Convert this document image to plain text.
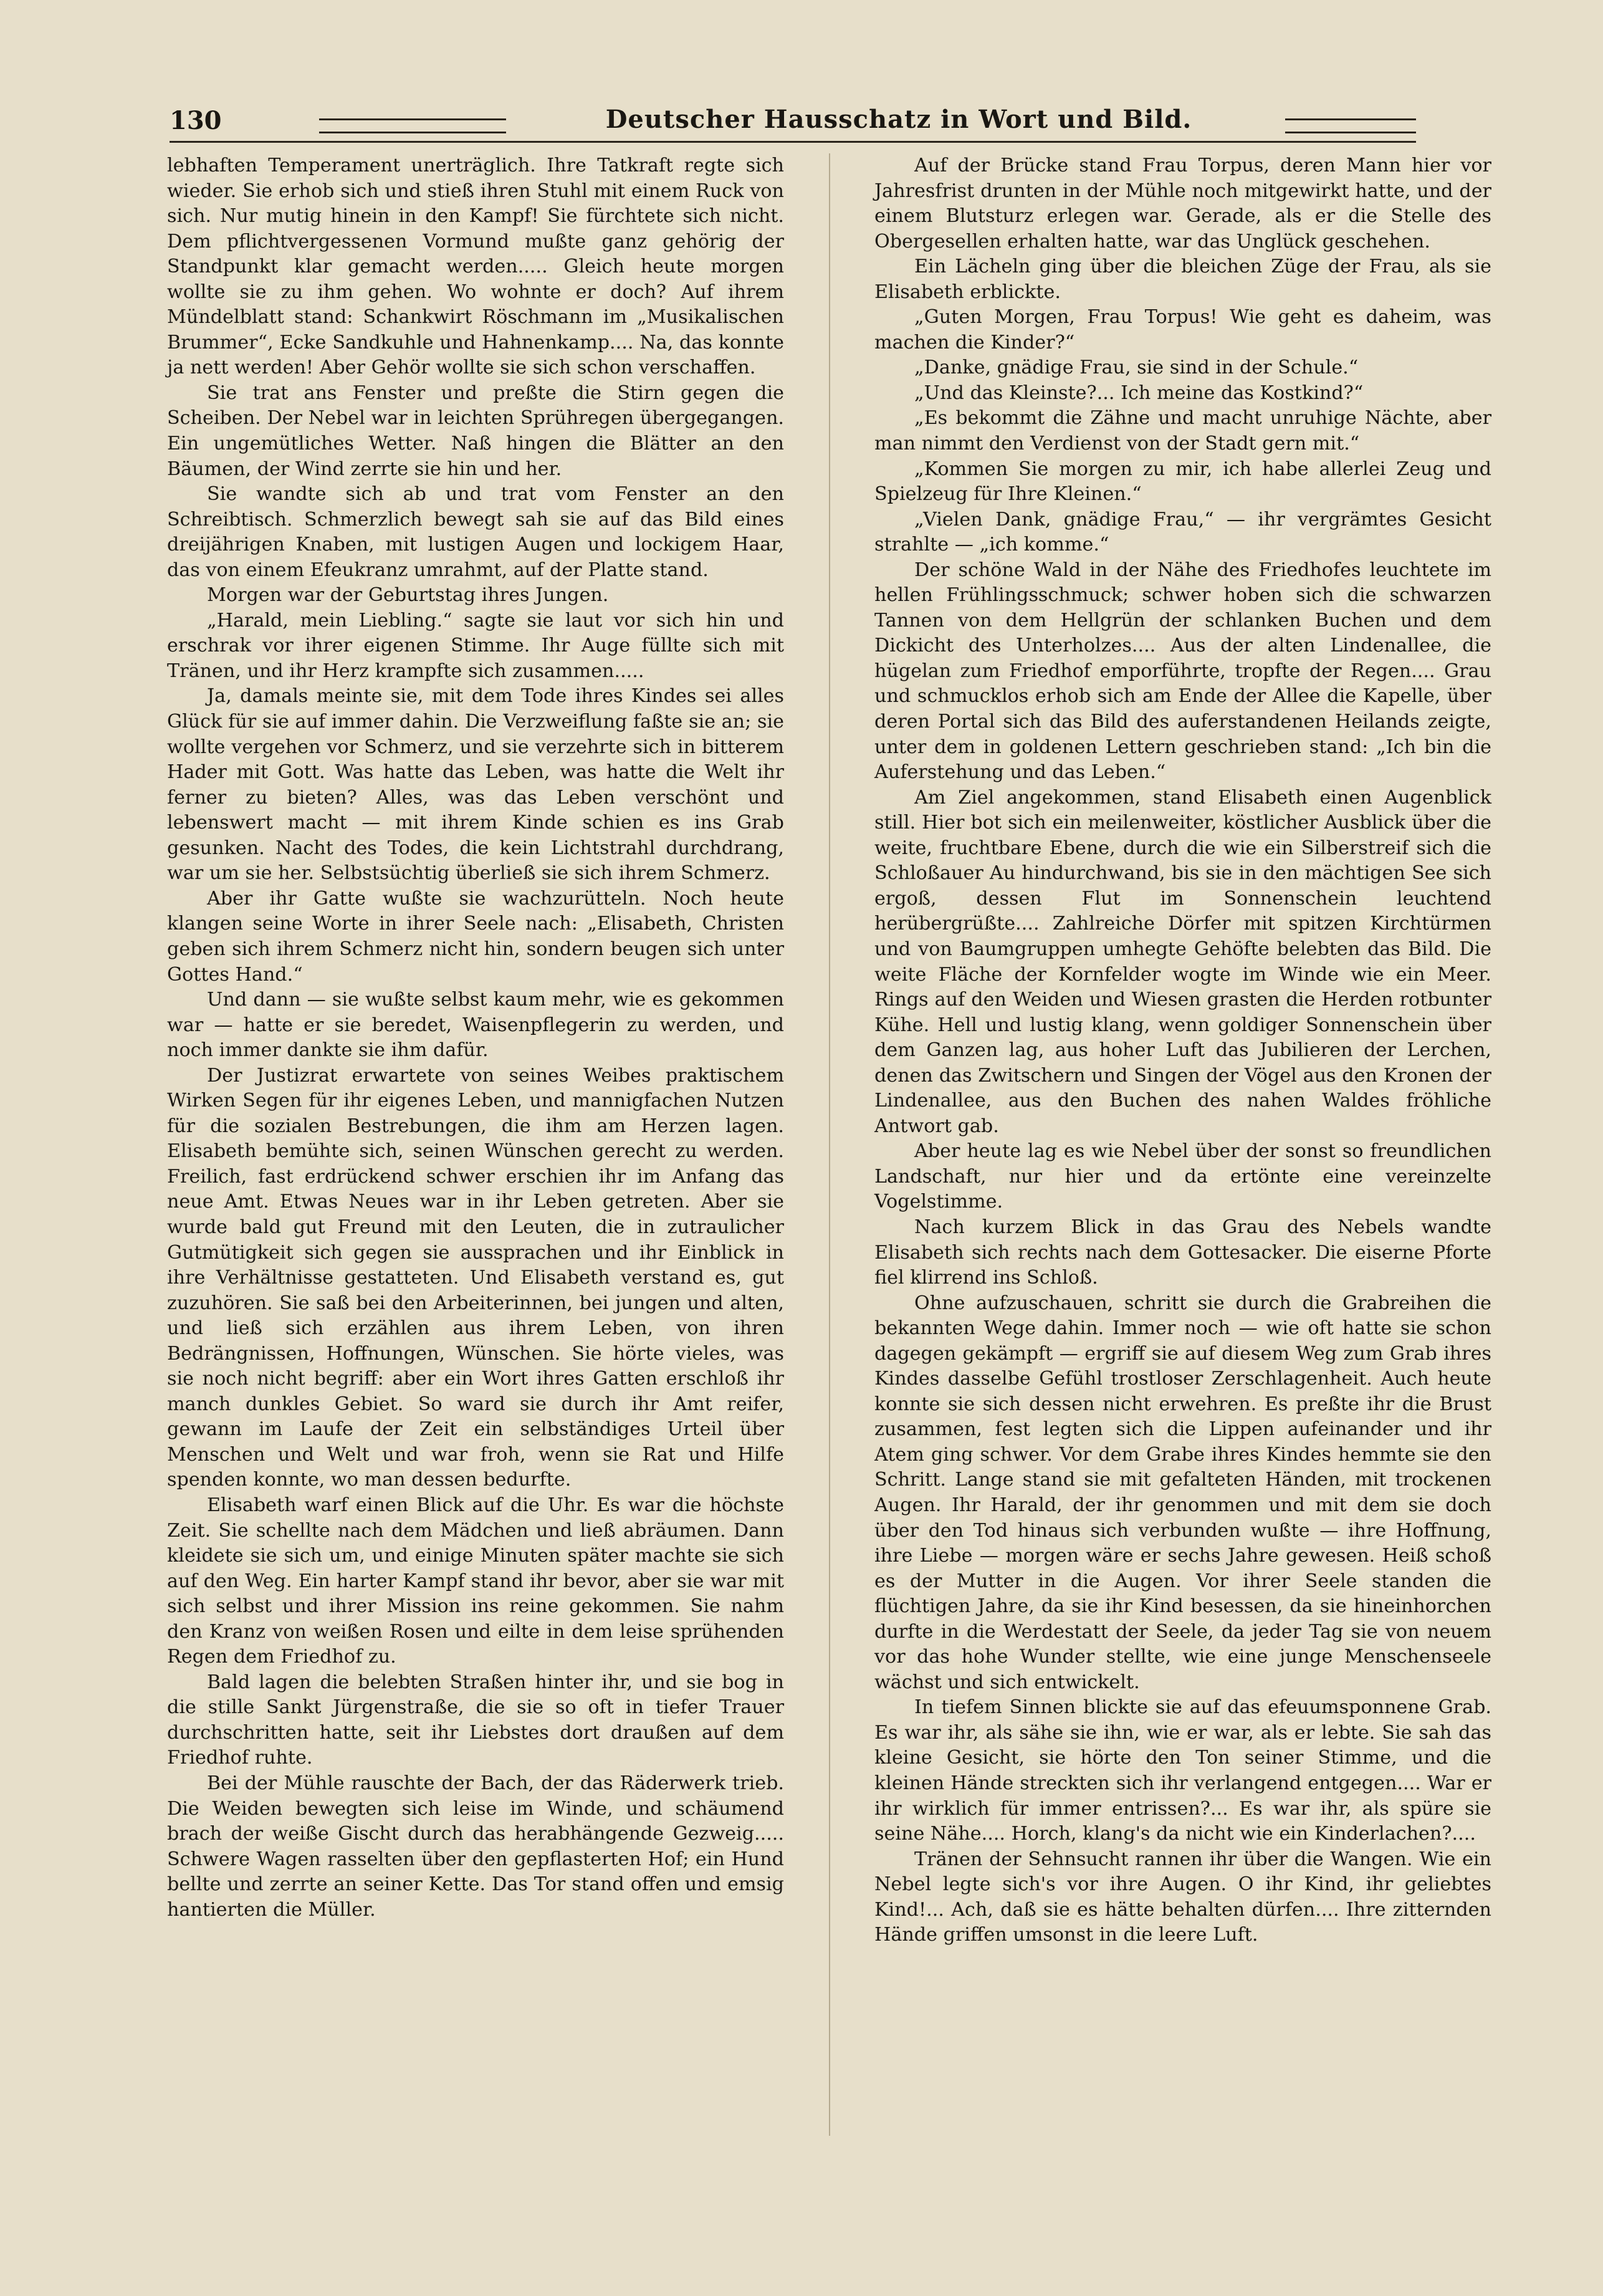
130	Deutscher Hausschatz in Wort und Bild.

lebhaften Temperament unerträglich. Ihre Tatkraft regte sich wieder. Sie erhob sich und stieß ihren Stuhl mit einem Ruck von sich. Nur mutig hinein in den Kampf! Sie fürchtete sich nicht. Dem pflichtvergessenen Vormund mußte ganz gehörig der Standpunkt klar gemacht werden..... Gleich heute morgen wollte sie zu ihm gehen. Wo wohnte er doch? Auf ihrem Mündelblatt stand: Schankwirt Röschmann im „Musikalischen Brummer“, Ecke Sandkuhle und Hahnenkamp.... Na, das konnte ja nett werden! Aber Gehör wollte sie sich schon verschaffen.

Sie trat ans Fenster und preßte die Stirn gegen die Scheiben. Der Nebel war in leichten Sprühregen übergegangen. Ein ungemütliches Wetter. Naß hingen die Blätter an den Bäumen, der Wind zerrte sie hin und her.

Sie wandte sich ab und trat vom Fenster an den Schreibtisch. Schmerzlich bewegt sah sie auf das Bild eines dreijährigen Knaben, mit lustigen Augen und lockigem Haar, das von einem Efeukranz umrahmt, auf der Platte stand.

Morgen war der Geburtstag ihres Jungen.

„Harald, mein Liebling.“ sagte sie laut vor sich hin und erschrak vor ihrer eigenen Stimme. Ihr Auge füllte sich mit Tränen, und ihr Herz krampfte sich zusammen.....

Ja, damals meinte sie, mit dem Tode ihres Kindes sei alles Glück für sie auf immer dahin. Die Verzweiflung faßte sie an; sie wollte vergehen vor Schmerz, und sie verzehrte sich in bitterem Hader mit Gott. Was hatte das Leben, was hatte die Welt ihr ferner zu bieten? Alles, was das Leben verschönt und lebenswert macht — mit ihrem Kinde schien es ins Grab gesunken. Nacht des Todes, die kein Lichtstrahl durchdrang, war um sie her. Selbstsüchtig überließ sie sich ihrem Schmerz.

Aber ihr Gatte wußte sie wachzurütteln. Noch heute klangen seine Worte in ihrer Seele nach: „Elisabeth, Christen geben sich ihrem Schmerz nicht hin, sondern beugen sich unter Gottes Hand.“

Und dann — sie wußte selbst kaum mehr, wie es gekommen war — hatte er sie beredet, Waisenpflegerin zu werden, und noch immer dankte sie ihm dafür.

Der Justizrat erwartete von seines Weibes praktischem Wirken Segen für ihr eigenes Leben, und mannigfachen Nutzen für die sozialen Bestrebungen, die ihm am Herzen lagen. Elisabeth bemühte sich, seinen Wünschen gerecht zu werden. Freilich, fast erdrückend schwer erschien ihr im Anfang das neue Amt. Etwas Neues war in ihr Leben getreten. Aber sie wurde bald gut Freund mit den Leuten, die in zutraulicher Gutmütigkeit sich gegen sie aussprachen und ihr Einblick in ihre Verhältnisse gestatteten. Und Elisabeth verstand es, gut zuzuhören. Sie saß bei den Arbeiterinnen, bei jungen und alten, und ließ sich erzählen aus ihrem Leben, von ihren Bedrängnissen, Hoffnungen, Wünschen. Sie hörte vieles, was sie noch nicht begriff: aber ein Wort ihres Gatten erschloß ihr manch dunkles Gebiet. So ward sie durch ihr Amt reifer, gewann im Laufe der Zeit ein selbständiges Urteil über Menschen und Welt und war froh, wenn sie Rat und Hilfe spenden konnte, wo man dessen bedurfte.

Elisabeth warf einen Blick auf die Uhr. Es war die höchste Zeit. Sie schellte nach dem Mädchen und ließ abräumen. Dann kleidete sie sich um, und einige Minuten später machte sie sich auf den Weg. Ein harter Kampf stand ihr bevor, aber sie war mit sich selbst und ihrer Mission ins reine gekommen. Sie nahm den Kranz von weißen Rosen und eilte in dem leise sprühenden Regen dem Friedhof zu.

Bald lagen die belebten Straßen hinter ihr, und sie bog in die stille Sankt Jürgenstraße, die sie so oft in tiefer Trauer durchschritten hatte, seit ihr Liebstes dort draußen auf dem Friedhof ruhte.

Bei der Mühle rauschte der Bach, der das Räderwerk trieb. Die Weiden bewegten sich leise im Winde, und schäumend brach der weiße Gischt durch das herabhängende Gezweig..... Schwere Wagen rasselten über den gepflasterten Hof; ein Hund bellte und zerrte an seiner Kette. Das Tor stand offen und emsig hantierten die Müller.

Auf der Brücke stand Frau Torpus, deren Mann hier vor Jahresfrist drunten in der Mühle noch mitgewirkt hatte, und der einem Blutsturz erlegen war. Gerade, als er die Stelle des Obergesellen erhalten hatte, war das Unglück geschehen.

Ein Lächeln ging über die bleichen Züge der Frau, als sie Elisabeth erblickte.

„Guten Morgen, Frau Torpus! Wie geht es daheim, was machen die Kinder?“

„Danke, gnädige Frau, sie sind in der Schule.“

„Und das Kleinste?... Ich meine das Kostkind?“

„Es bekommt die Zähne und macht unruhige Nächte, aber man nimmt den Verdienst von der Stadt gern mit.“

„Kommen Sie morgen zu mir, ich habe allerlei Zeug und Spielzeug für Ihre Kleinen.“

„Vielen Dank, gnädige Frau,“ — ihr vergrämtes Gesicht strahlte — „ich komme.“

Der schöne Wald in der Nähe des Friedhofes leuchtete im hellen Frühlingsschmuck; schwer hoben sich die schwarzen Tannen von dem Hellgrün der schlanken Buchen und dem Dickicht des Unterholzes.... Aus der alten Lindenallee, die hügelan zum Friedhof emporführte, tropfte der Regen.... Grau und schmucklos erhob sich am Ende der Allee die Kapelle, über deren Portal sich das Bild des auferstandenen Heilands zeigte, unter dem in goldenen Lettern geschrieben stand: „Ich bin die Auferstehung und das Leben.“

Am Ziel angekommen, stand Elisabeth einen Augenblick still. Hier bot sich ein meilenweiter, köstlicher Ausblick über die weite, fruchtbare Ebene, durch die wie ein Silberstreif sich die Schloßauer Au hindurchwand, bis sie in den mächtigen See sich ergoß, dessen Flut im Sonnenschein leuchtend herübergrüßte.... Zahlreiche Dörfer mit spitzen Kirchtürmen und von Baumgruppen umhegte Gehöfte belebten das Bild. Die weite Fläche der Kornfelder wogte im Winde wie ein Meer. Rings auf den Weiden und Wiesen grasten die Herden rotbunter Kühe. Hell und lustig klang, wenn goldiger Sonnenschein über dem Ganzen lag, aus hoher Luft das Jubilieren der Lerchen, denen das Zwitschern und Singen der Vögel aus den Kronen der Lindenallee, aus den Buchen des nahen Waldes fröhliche Antwort gab.

Aber heute lag es wie Nebel über der sonst so freundlichen Landschaft, nur hier und da ertönte eine vereinzelte Vogelstimme.

Nach kurzem Blick in das Grau des Nebels wandte Elisabeth sich rechts nach dem Gottesacker. Die eiserne Pforte fiel klirrend ins Schloß.

Ohne aufzuschauen, schritt sie durch die Grabreihen die bekannten Wege dahin. Immer noch — wie oft hatte sie schon dagegen gekämpft — ergriff sie auf diesem Weg zum Grab ihres Kindes dasselbe Gefühl trostloser Zerschlagenheit. Auch heute konnte sie sich dessen nicht erwehren. Es preßte ihr die Brust zusammen, fest legten sich die Lippen aufeinander und ihr Atem ging schwer. Vor dem Grabe ihres Kindes hemmte sie den Schritt. Lange stand sie mit gefalteten Händen, mit trockenen Augen. Ihr Harald, der ihr genommen und mit dem sie doch über den Tod hinaus sich verbunden wußte — ihre Hoffnung, ihre Liebe — morgen wäre er sechs Jahre gewesen. Heiß schoß es der Mutter in die Augen. Vor ihrer Seele standen die flüchtigen Jahre, da sie ihr Kind besessen, da sie hineinhorchen durfte in die Werdestatt der Seele, da jeder Tag sie von neuem vor das hohe Wunder stellte, wie eine junge Menschenseele wächst und sich entwickelt.

In tiefem Sinnen blickte sie auf das efeuumsponnene Grab. Es war ihr, als sähe sie ihn, wie er war, als er lebte. Sie sah das kleine Gesicht, sie hörte den Ton seiner Stimme, und die kleinen Hände streckten sich ihr verlangend entgegen.... War er ihr wirklich für immer entrissen?... Es war ihr, als spüre sie seine Nähe.... Horch, klang's da nicht wie ein Kinderlachen?....

Tränen der Sehnsucht rannen ihr über die Wangen. Wie ein Nebel legte sich's vor ihre Augen. O ihr Kind, ihr geliebtes Kind!... Ach, daß sie es hätte behalten dürfen.... Ihre zitternden Hände griffen umsonst in die leere Luft.
